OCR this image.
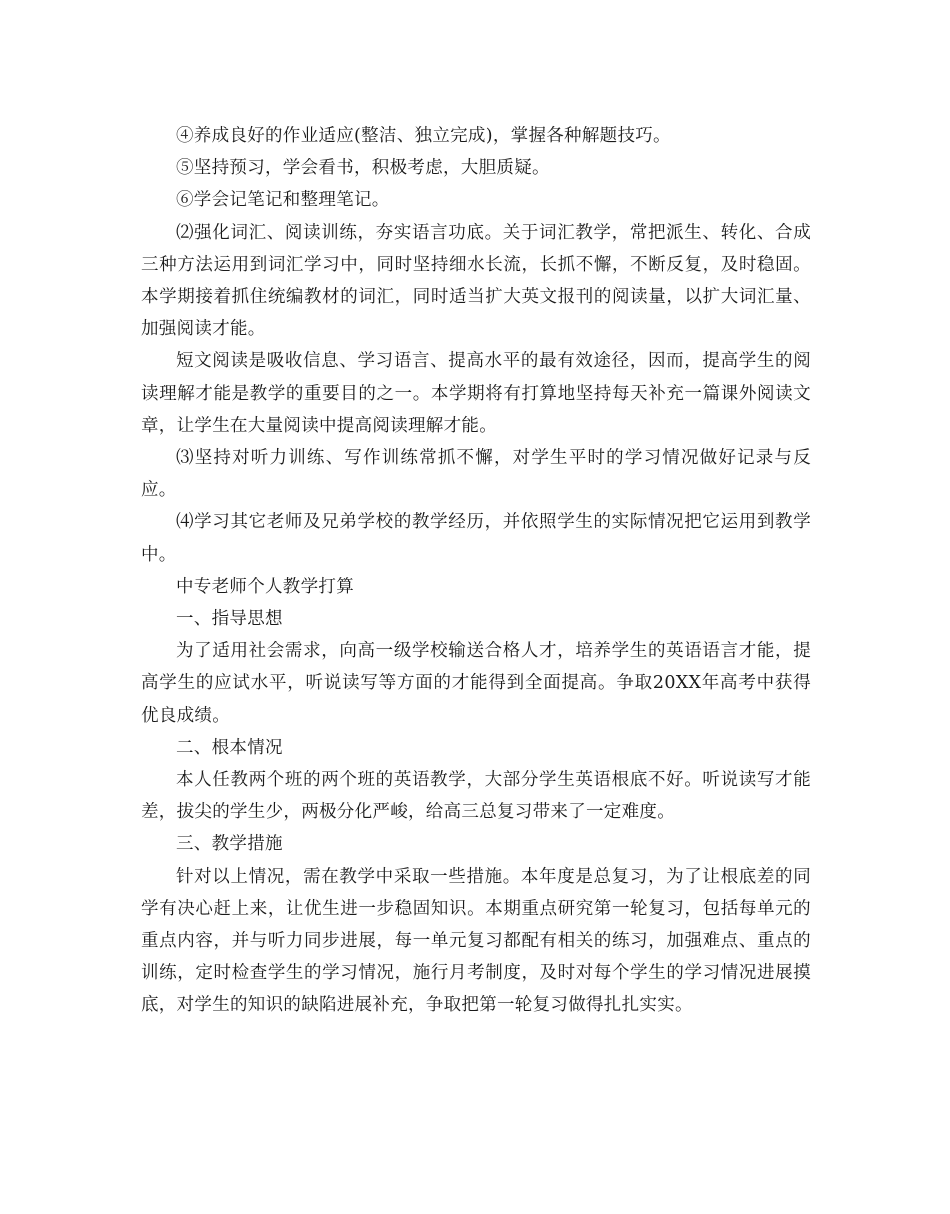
④养成良好的作业适应(整洁、独立完成)，掌握各种解题技巧。

⑤坚持预习，学会看书，积极考虑，大胆质疑。

⑥学会记笔记和整理笔记。

⑵强化词汇、阅读训练，夯实语言功底。关于词汇教学，常把派生、转化、合成三种方法运用到词汇学习中，同时坚持细水长流，长抓不懈，不断反复，及时稳固。本学期接着抓住统编教材的词汇，同时适当扩大英文报刊的阅读量，以扩大词汇量、加强阅读才能。

短文阅读是吸收信息、学习语言、提高水平的最有效途径，因而，提高学生的阅读理解才能是教学的重要目的之一。本学期将有打算地坚持每天补充一篇课外阅读文章，让学生在大量阅读中提高阅读理解才能。

⑶坚持对听力训练、写作训练常抓不懈，对学生平时的学习情况做好记录与反应。

⑷学习其它老师及兄弟学校的教学经历，并依照学生的实际情况把它运用到教学中。

中专老师个人教学打算

一、指导思想

为了适用社会需求，向高一级学校输送合格人才，培养学生的英语语言才能，提高学生的应试水平，听说读写等方面的才能得到全面提高。争取20XX年高考中获得优良成绩。

二、根本情况

本人任教两个班的两个班的英语教学，大部分学生英语根底不好。听说读写才能差，拔尖的学生少，两极分化严峻，给高三总复习带来了一定难度。

三、教学措施

针对以上情况，需在教学中采取一些措施。本年度是总复习，为了让根底差的同学有决心赶上来，让优生进一步稳固知识。本期重点研究第一轮复习，包括每单元的重点内容，并与听力同步进展，每一单元复习都配有相关的练习，加强难点、重点的训练，定时检查学生的学习情况，施行月考制度，及时对每个学生的学习情况进展摸底，对学生的知识的缺陷进展补充，争取把第一轮复习做得扎扎实实。
